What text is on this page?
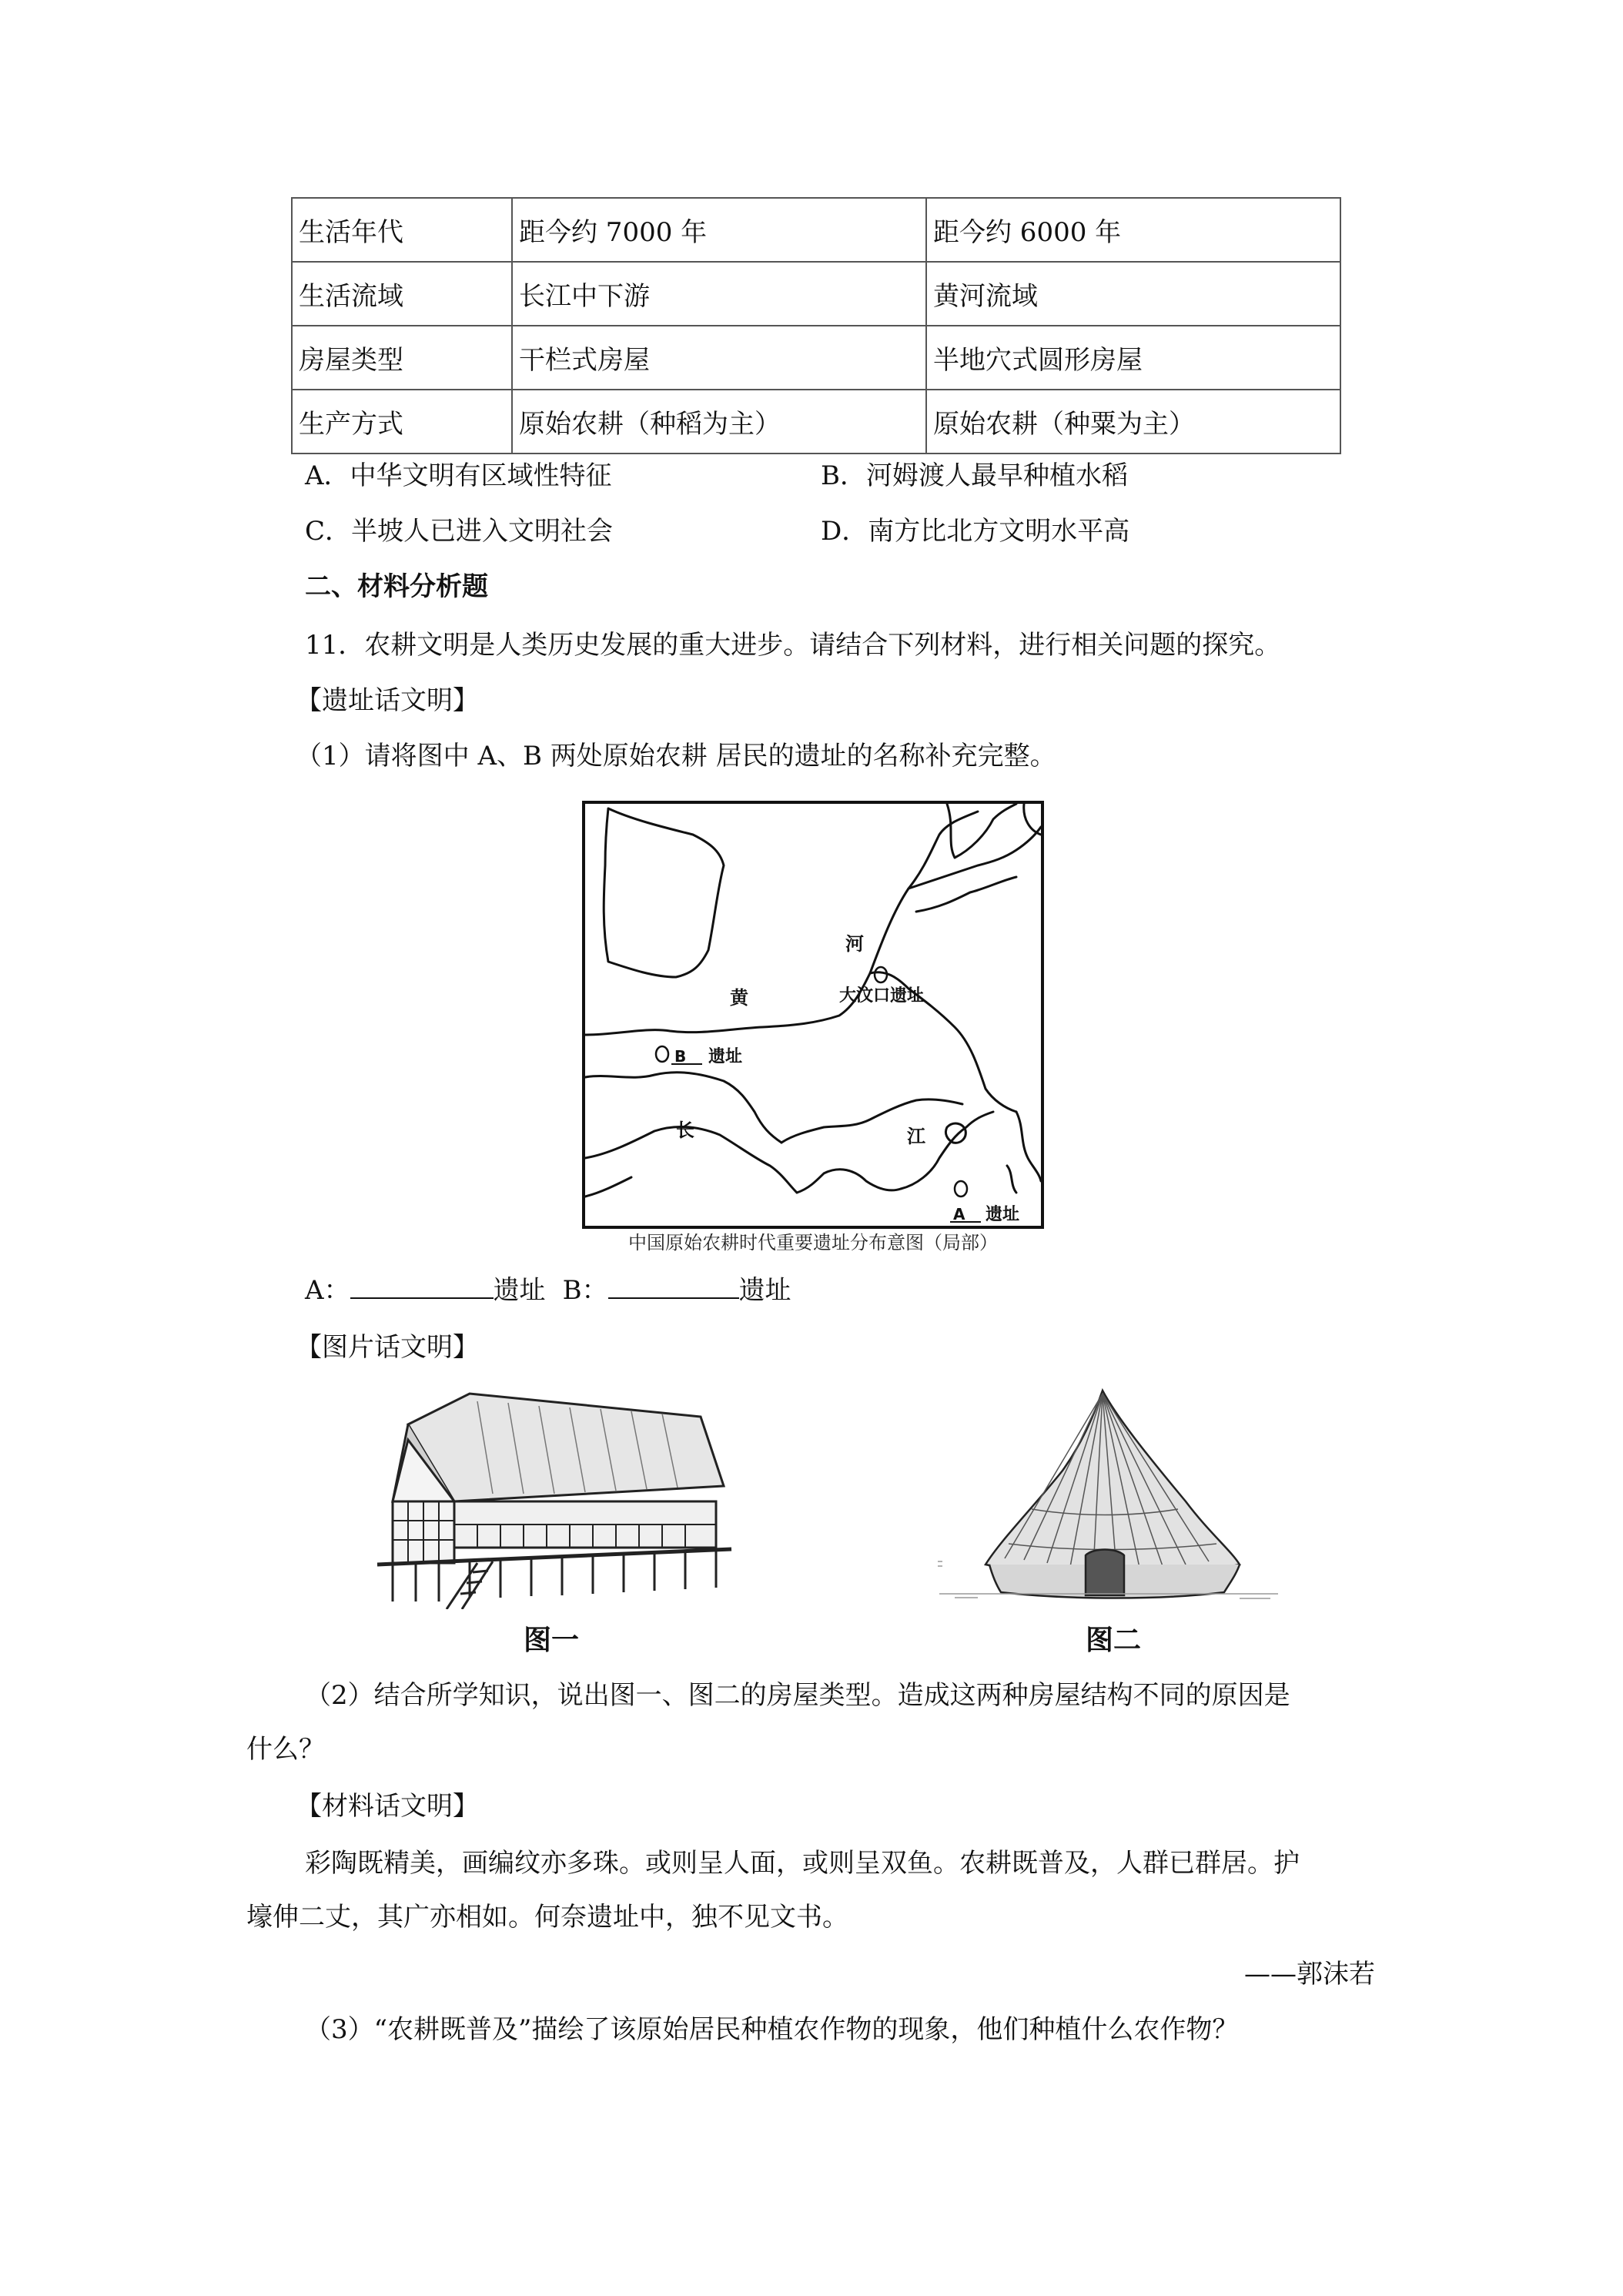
生活年代	距今约 7000 年	距今约 6000 年
生活流域	长江中下游	黄河流域
房屋类型	干栏式房屋	半地穴式圆形房屋
生产方式	原始农耕（种稻为主）	原始农耕（种粟为主）
A．中华文明有区域性特征	B．河姆渡人最早种植水稻
C．半坡人已进入文明社会	D．南方比北方文明水平高
二、材料分析题
11．农耕文明是人类历史发展的重大进步。请结合下列材料，进行相关问题的探究。
【遗址话文明】
（1）请将图中 A、B 两处原始农耕 居民的遗址的名称补充完整。
河
黄	大汶口遗址
B 遗址
长	江
A 遗址
中国原始农耕时代重要遗址分布意图（局部）
A：	遗址 B：	遗址
【图片话文明】
图一	图二
（2）结合所学知识，说出图一、图二的房屋类型。造成这两种房屋结构不同的原因是
什么？
【材料话文明】
彩陶既精美，画编纹亦多珠。或则呈人面，或则呈双鱼。农耕既普及，人群已群居。护
壕伸二丈，其广亦相如。何奈遗址中，独不见文书。
——郭沫若
（3）“农耕既普及”描绘了该原始居民种植农作物的现象，他们种植什么农作物？
